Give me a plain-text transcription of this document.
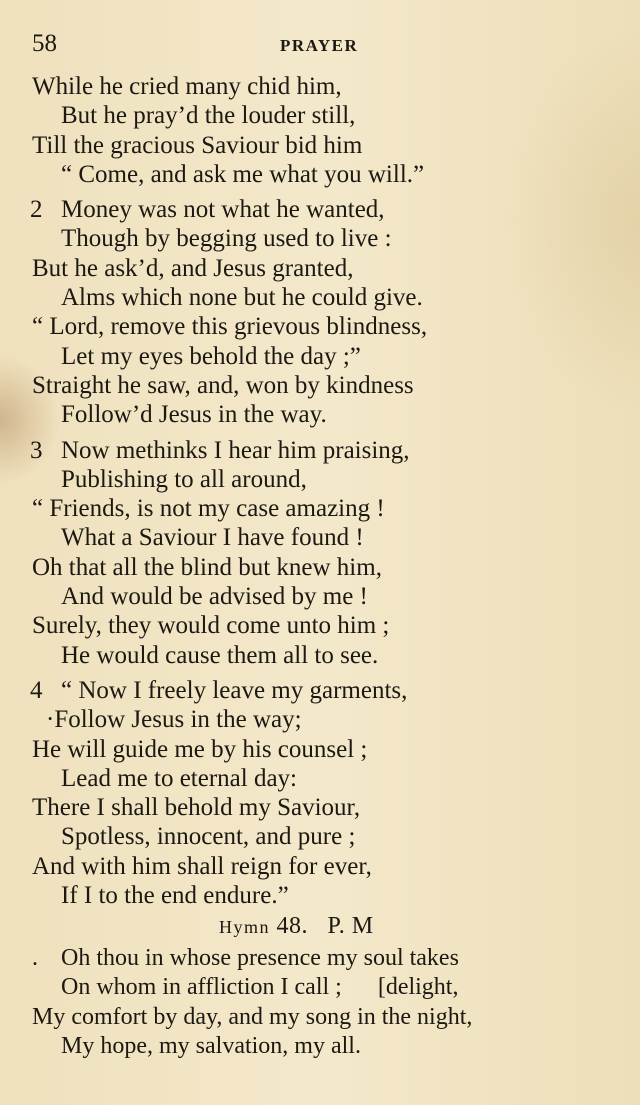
58	PRAYER
While he cried many chid him,
But he pray’d the louder still,
Till the gracious Saviour bid him
“ Come, and ask me what you will.”
2 Money was not what he wanted,
Though by begging used to live :
But he ask’d, and Jesus granted,
Alms which none but he could give.
“ Lord, remove this grievous blindness,
Let my eyes behold the day ;”
Straight he saw, and, won by kindness
Follow’d Jesus in the way.
3 Now methinks I hear him praising,
Publishing to all around,
“ Friends, is not my case amazing !
What a Saviour I have found !
Oh that all the blind but knew him,
And would be advised by me !
Surely, they would come unto him ;
He would cause them all to see.
4 “ Now I freely leave my garments,
·Follow Jesus in the way;
He will guide me by his counsel ;
Lead me to eternal day:
There I shall behold my Saviour,
Spotless, innocent, and pure ;
And with him shall reign for ever,
If I to the end endure.”
Hymn 48. P. M
. Oh thou in whose presence my soul takes
On whom in affliction I call ;      [delight,
My comfort by day, and my song in the night,
My hope, my salvation, my all.
